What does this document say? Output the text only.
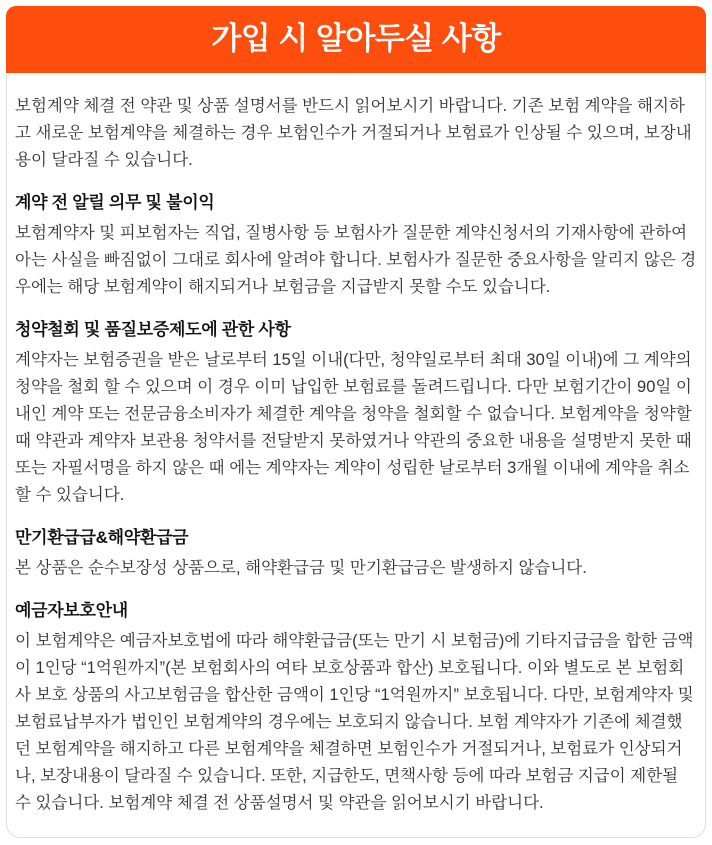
가입 시 알아두실 사항

보험계약 체결 전 약관 및 상품 설명서를 반드시 읽어보시기 바랍니다. 기존 보험 계약을 해지하고 새로운 보험계약을 체결하는 경우 보험인수가 거절되거나 보험료가 인상될 수 있으며, 보장내용이 달라질 수 있습니다.

계약 전 알릴 의무 및 불이익

보험계약자 및 피보험자는 직업, 질병사항 등 보험사가 질문한 계약신청서의 기재사항에 관하여 아는 사실을 빠짐없이 그대로 회사에 알려야 합니다. 보험사가 질문한 중요사항을 알리지 않은 경우에는 해당 보험계약이 해지되거나 보험금을 지급받지 못할 수도 있습니다.

청약철회 및 품질보증제도에 관한 사항

계약자는 보험증권을 받은 날로부터 15일 이내(다만, 청약일로부터 최대 30일 이내)에 그 계약의 청약을 철회 할 수 있으며 이 경우 이미 납입한 보험료를 돌려드립니다. 다만 보험기간이 90일 이내인 계약 또는 전문금융소비자가 체결한 계약을 청약을 철회할 수 없습니다. 보험계약을 청약할 때 약관과 계약자 보관용 청약서를 전달받지 못하였거나 약관의 중요한 내용을 설명받지 못한 때 또는 자필서명을 하지 않은 때 에는 계약자는 계약이 성립한 날로부터 3개월 이내에 계약을 취소할 수 있습니다.

만기환급급&해약환급금

본 상품은 순수보장성 상품으로, 해약환급금 및 만기환급금은 발생하지 않습니다.

예금자보호안내

이 보험계약은 예금자보호법에 따라 해약환급금(또는 만기 시 보험금)에 기타지급금을 합한 금액이 1인당 “1억원까지”(본 보험회사의 여타 보호상품과 합산) 보호됩니다. 이와 별도로 본 보험회사 보호 상품의 사고보험금을 합산한 금액이 1인당 “1억원까지” 보호됩니다. 다만, 보험계약자 및 보험료납부자가 법인인 보험계약의 경우에는 보호되지 않습니다. 보험 계약자가 기존에 체결했던 보험계약을 해지하고 다른 보험계약을 체결하면 보험인수가 거절되거나, 보험료가 인상되거나, 보장내용이 달라질 수 있습니다. 또한, 지급한도, 면책사항 등에 따라 보험금 지급이 제한될 수 있습니다. 보험계약 체결 전 상품설명서 및 약관을 읽어보시기 바랍니다.
